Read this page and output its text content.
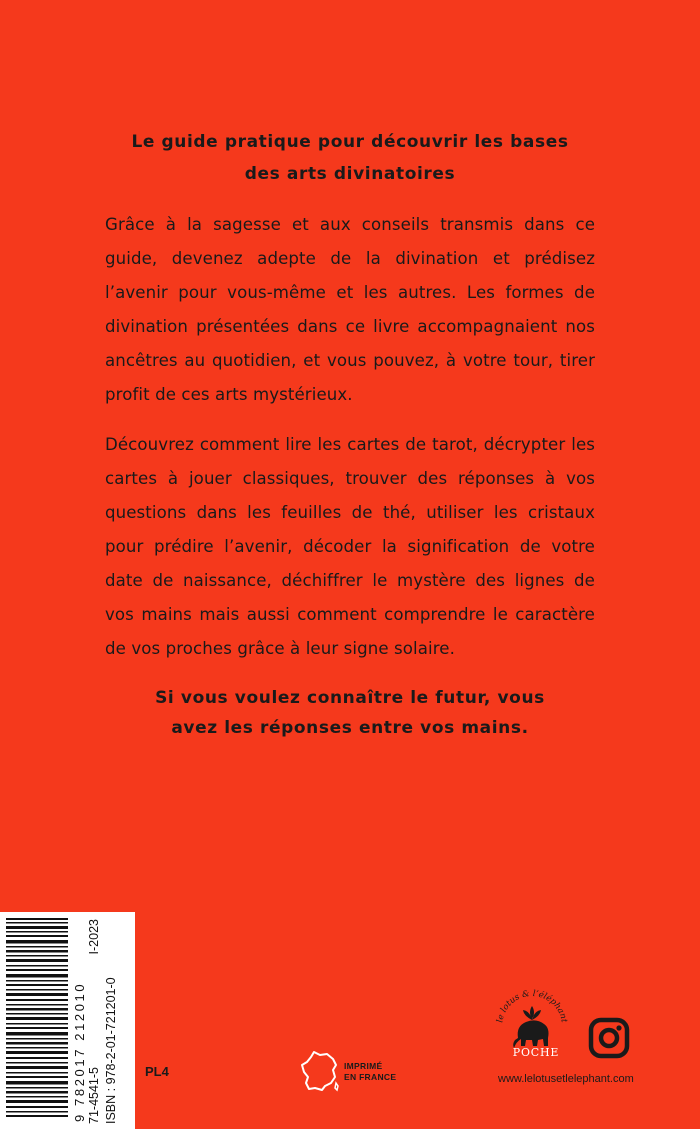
Le guide pratique pour découvrir les bases
des arts divinatoires
Grâce à la sagesse et aux conseils transmis dans ce guide, devenez adepte de la divination et prédisez l’avenir pour vous-même et les autres. Les formes de divination présentées dans ce livre accompagnaient nos ancêtres au quotidien, et vous pouvez, à votre tour, tirer profit de ces arts mystérieux.
Découvrez comment lire les cartes de tarot, décrypter les cartes à jouer classiques, trouver des réponses à vos questions dans les feuilles de thé, utiliser les cristaux pour prédire l’avenir, décoder la signification de votre date de naissance, déchiffrer le mystère des lignes de vos mains mais aussi comment comprendre le caractère de vos proches grâce à leur signe solaire.
Si vous voulez connaître le futur, vous
avez les réponses entre vos mains.
9 782017 212010 71-4541-5
I-2023
ISBN : 978-2-01-721201-0 PL4	IMPRIMÉ
EN FRANCE
le lotus & l’éléphant
POCHE
www.lelotusetlelephant.com
